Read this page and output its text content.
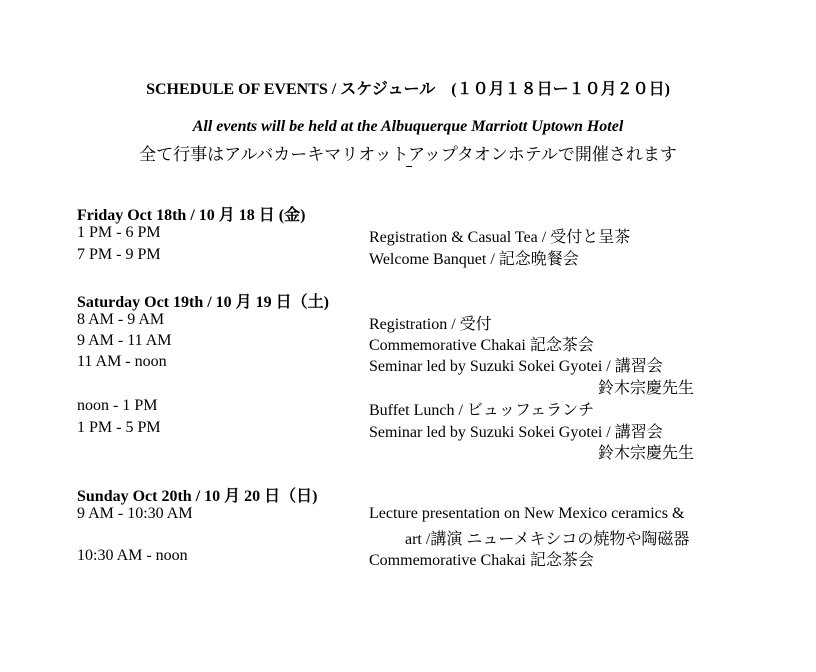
SCHEDULE OF EVENTS / スケジュール　(１０月１８日ー１０月２０日)
All events will be held at the Albuquerque Marriott Uptown Hotel
全て行事はアルバカーキマリオットアップタオンホテルで開催されます
Friday Oct 18th / 10 月 18 日 (金)
1 PM - 6 PM	Registration & Casual Tea / 受付と呈茶
7 PM - 9 PM	Welcome Banquet / 記念晩餐会
Saturday Oct 19th / 10 月 19 日（土)
8 AM - 9 AM	Registration / 受付
9 AM - 11 AM	Commemorative Chakai 記念茶会
11 AM - noon	Seminar led by Suzuki Sokei Gyotei / 講習会
鈴木宗慶先生
noon - 1 PM	Buffet Lunch / ビュッフェランチ
1 PM - 5 PM	Seminar led by Suzuki Sokei Gyotei / 講習会
鈴木宗慶先生
Sunday Oct 20th / 10 月 20 日（日)
9 AM - 10:30 AM	Lecture presentation on New Mexico ceramics &
art /講演 ニューメキシコの焼物や陶磁器
10:30 AM - noon	Commemorative Chakai 記念茶会
